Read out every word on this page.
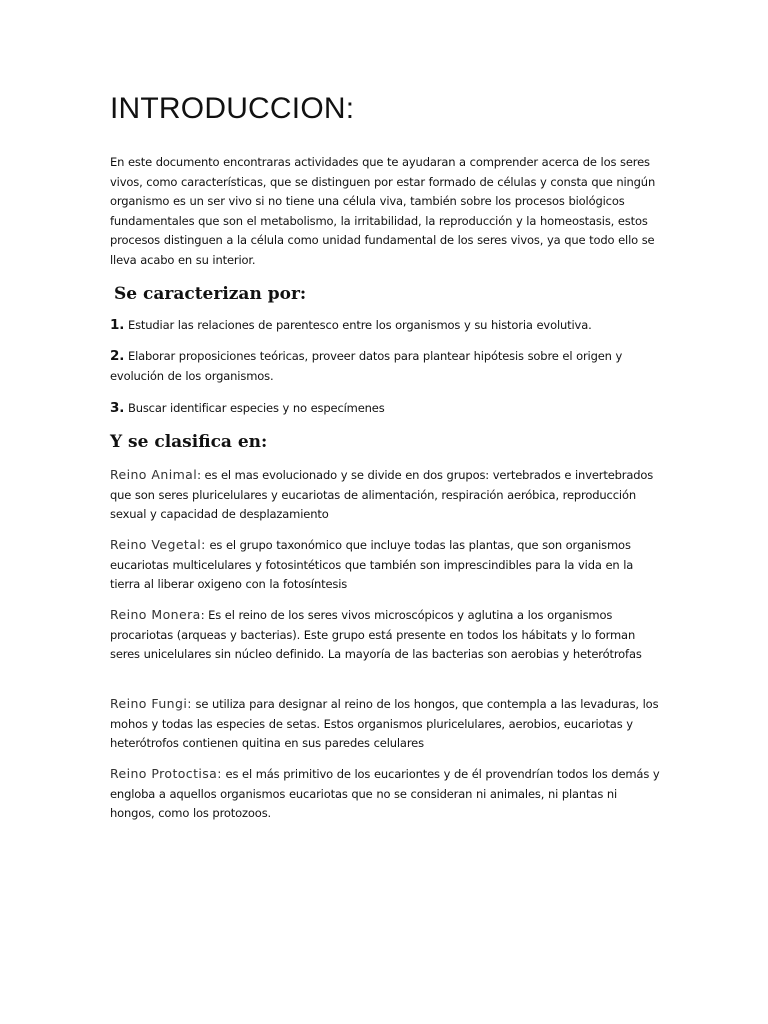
INTRODUCCION:

En este documento encontraras actividades que te ayudaran a comprender acerca de los seres vivos, como características, que se distinguen por estar formado de células y consta que ningún organismo es un ser vivo si no tiene una célula viva, también sobre los procesos biológicos fundamentales que son el metabolismo, la irritabilidad, la reproducción y la homeostasis, estos procesos distinguen a la célula como unidad fundamental de los seres vivos, ya que todo ello se lleva acabo en su interior.

Se caracterizan por:

1. Estudiar las relaciones de parentesco entre los organismos y su historia evolutiva.

2. Elaborar proposiciones teóricas, proveer datos para plantear hipótesis sobre el origen y evolución de los organismos.

3. Buscar identificar especies y no especímenes

Y se clasifica en:

Reino Animal: es el mas evolucionado y se divide en dos grupos: vertebrados e invertebrados que son seres pluricelulares y eucariotas de alimentación, respiración aeróbica, reproducción sexual y capacidad de desplazamiento

Reino Vegetal: es el grupo taxonómico que incluye todas las plantas, que son organismos eucariotas multicelulares y fotosintéticos que también son imprescindibles para la vida en la tierra al liberar oxigeno con la fotosíntesis

Reino Monera: Es el reino de los seres vivos microscópicos y aglutina a los organismos procariotas (arqueas y bacterias). Este grupo está presente en todos los hábitats y lo forman seres unicelulares sin núcleo definido. La mayoría de las bacterias son aerobias y heterótrofas

Reino Fungi: se utiliza para designar al reino de los hongos, que contempla a las levaduras, los mohos y todas las especies de setas. Estos organismos pluricelulares, aerobios, eucariotas y heterótrofos contienen quitina en sus paredes celulares

Reino Protoctisa: es el más primitivo de los eucariontes y de él provendrían todos los demás y engloba a aquellos organismos eucariotas que no se consideran ni animales, ni plantas ni hongos, como los protozoos.
